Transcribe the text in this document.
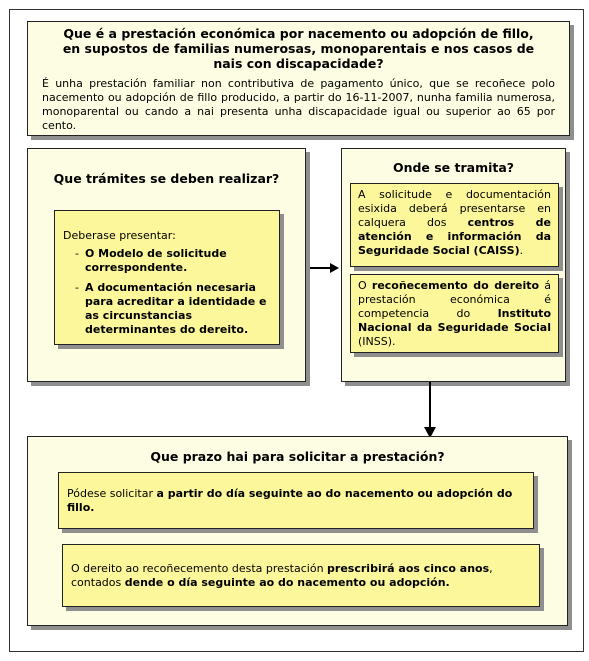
Que é a prestación económica por nacemento ou adopción de fillo, en supostos de familias numerosas, monoparentais e nos casos de nais con discapacidade?
É unha prestación familiar non contributiva de pagamento único, que se recoñece polo nacemento ou adopción de fillo producido, a partir do 16-11-2007, nunha familia numerosa, monoparental ou cando a nai presenta unha discapacidade igual ou superior ao 65 por cento.
Que trámites se deben realizar?
Deberase presentar:
- O Modelo de solicitude correspondente.
- A documentación necesaria para acreditar a identidade e as circunstancias determinantes do dereito.
Onde se tramita?
A solicitude e documentación esixida deberá presentarse en calquera dos centros de atención e información da Seguridade Social (CAISS).
O recoñecemento do dereito á prestación económica é competencia do Instituto Nacional da Seguridade Social (INSS).
Que prazo hai para solicitar a prestación?
Pódese solicitar a partir do día seguinte ao do nacemento ou adopción do fillo.
O dereito ao recoñecemento desta prestación prescribirá aos cinco anos, contados dende o día seguinte ao do nacemento ou adopción.
